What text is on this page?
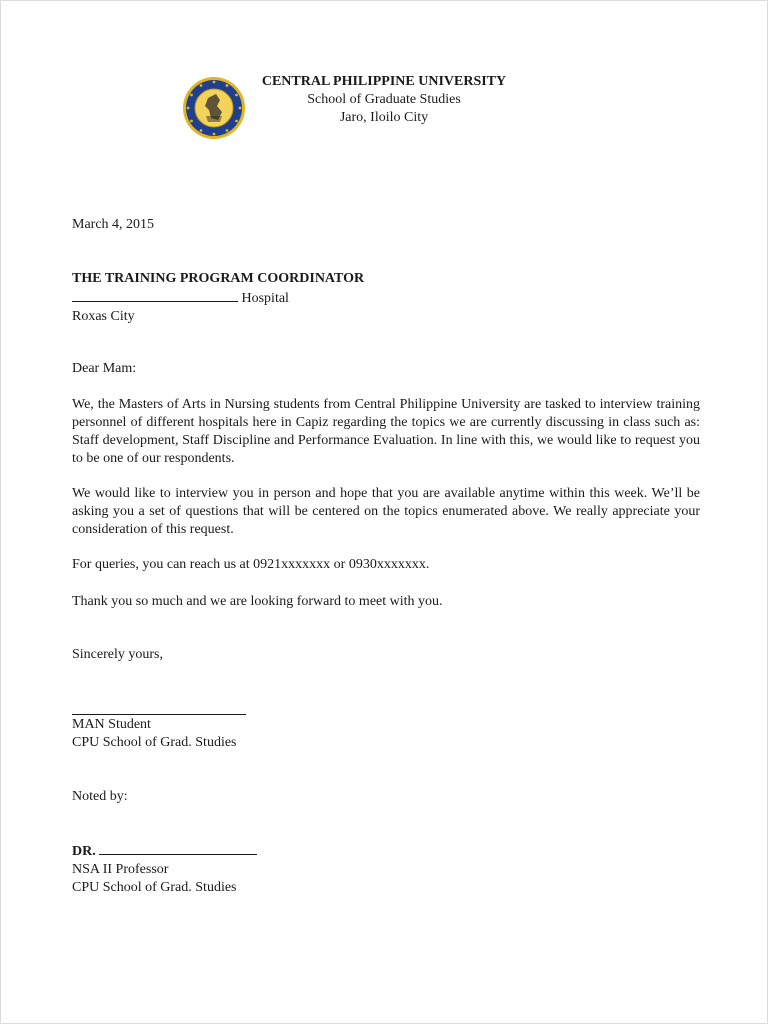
CENTRAL PHILIPPINE UNIVERSITY
School of Graduate Studies
Jaro, Iloilo City
March 4, 2015
THE TRAINING PROGRAM COORDINATOR
Hospital
Roxas City
Dear Mam:
We, the Masters of Arts in Nursing students from Central Philippine University are tasked to interview training personnel of different hospitals here in Capiz regarding the topics we are currently discussing in class such as: Staff development, Staff Discipline and Performance Evaluation. In line with this, we would like to request you to be one of our respondents.
We would like to interview you in person and hope that you are available anytime within this week. We’ll be asking you a set of questions that will be centered on the topics enumerated above. We really appreciate your consideration of this request.
For queries, you can reach us at 0921xxxxxxx or 0930xxxxxxx.
Thank you so much and we are looking forward to meet with you.
Sincerely yours,
MAN Student
CPU School of Grad. Studies
Noted by:
DR.
NSA II Professor
CPU School of Grad. Studies
